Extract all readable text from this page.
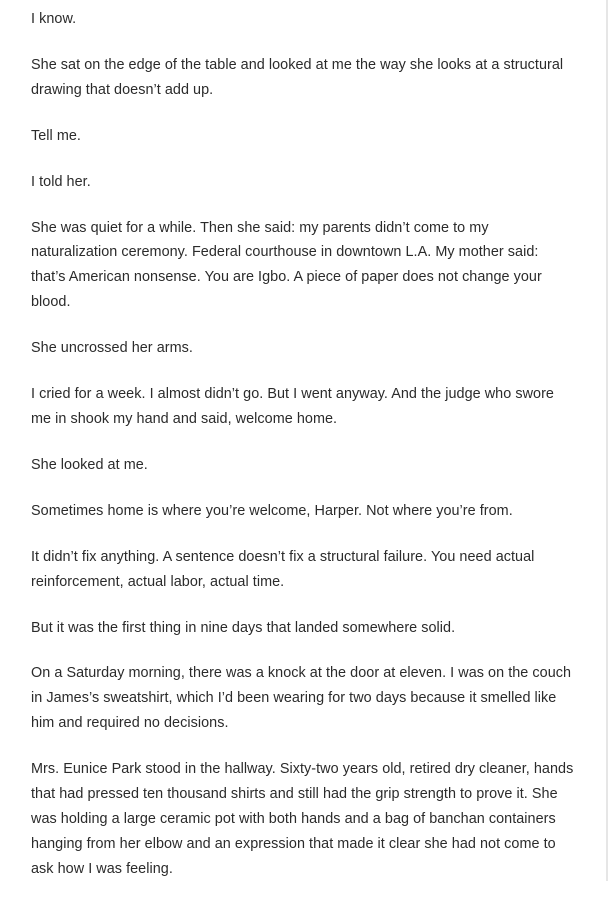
I know.

She sat on the edge of the table and looked at me the way she looks at a structural drawing that doesn’t add up.

Tell me.

I told her.

She was quiet for a while. Then she said: my parents didn’t come to my naturalization ceremony. Federal courthouse in downtown L.A. My mother said: that’s American nonsense. You are Igbo. A piece of paper does not change your blood.

She uncrossed her arms.

I cried for a week. I almost didn’t go. But I went anyway. And the judge who swore me in shook my hand and said, welcome home.

She looked at me.

Sometimes home is where you’re welcome, Harper. Not where you’re from.

It didn’t fix anything. A sentence doesn’t fix a structural failure. You need actual reinforcement, actual labor, actual time.

But it was the first thing in nine days that landed somewhere solid.

On a Saturday morning, there was a knock at the door at eleven. I was on the couch in James’s sweatshirt, which I’d been wearing for two days because it smelled like him and required no decisions.

Mrs. Eunice Park stood in the hallway. Sixty-two years old, retired dry cleaner, hands that had pressed ten thousand shirts and still had the grip strength to prove it. She was holding a large ceramic pot with both hands and a bag of banchan containers hanging from her elbow and an expression that made it clear she had not come to ask how I was feeling.
